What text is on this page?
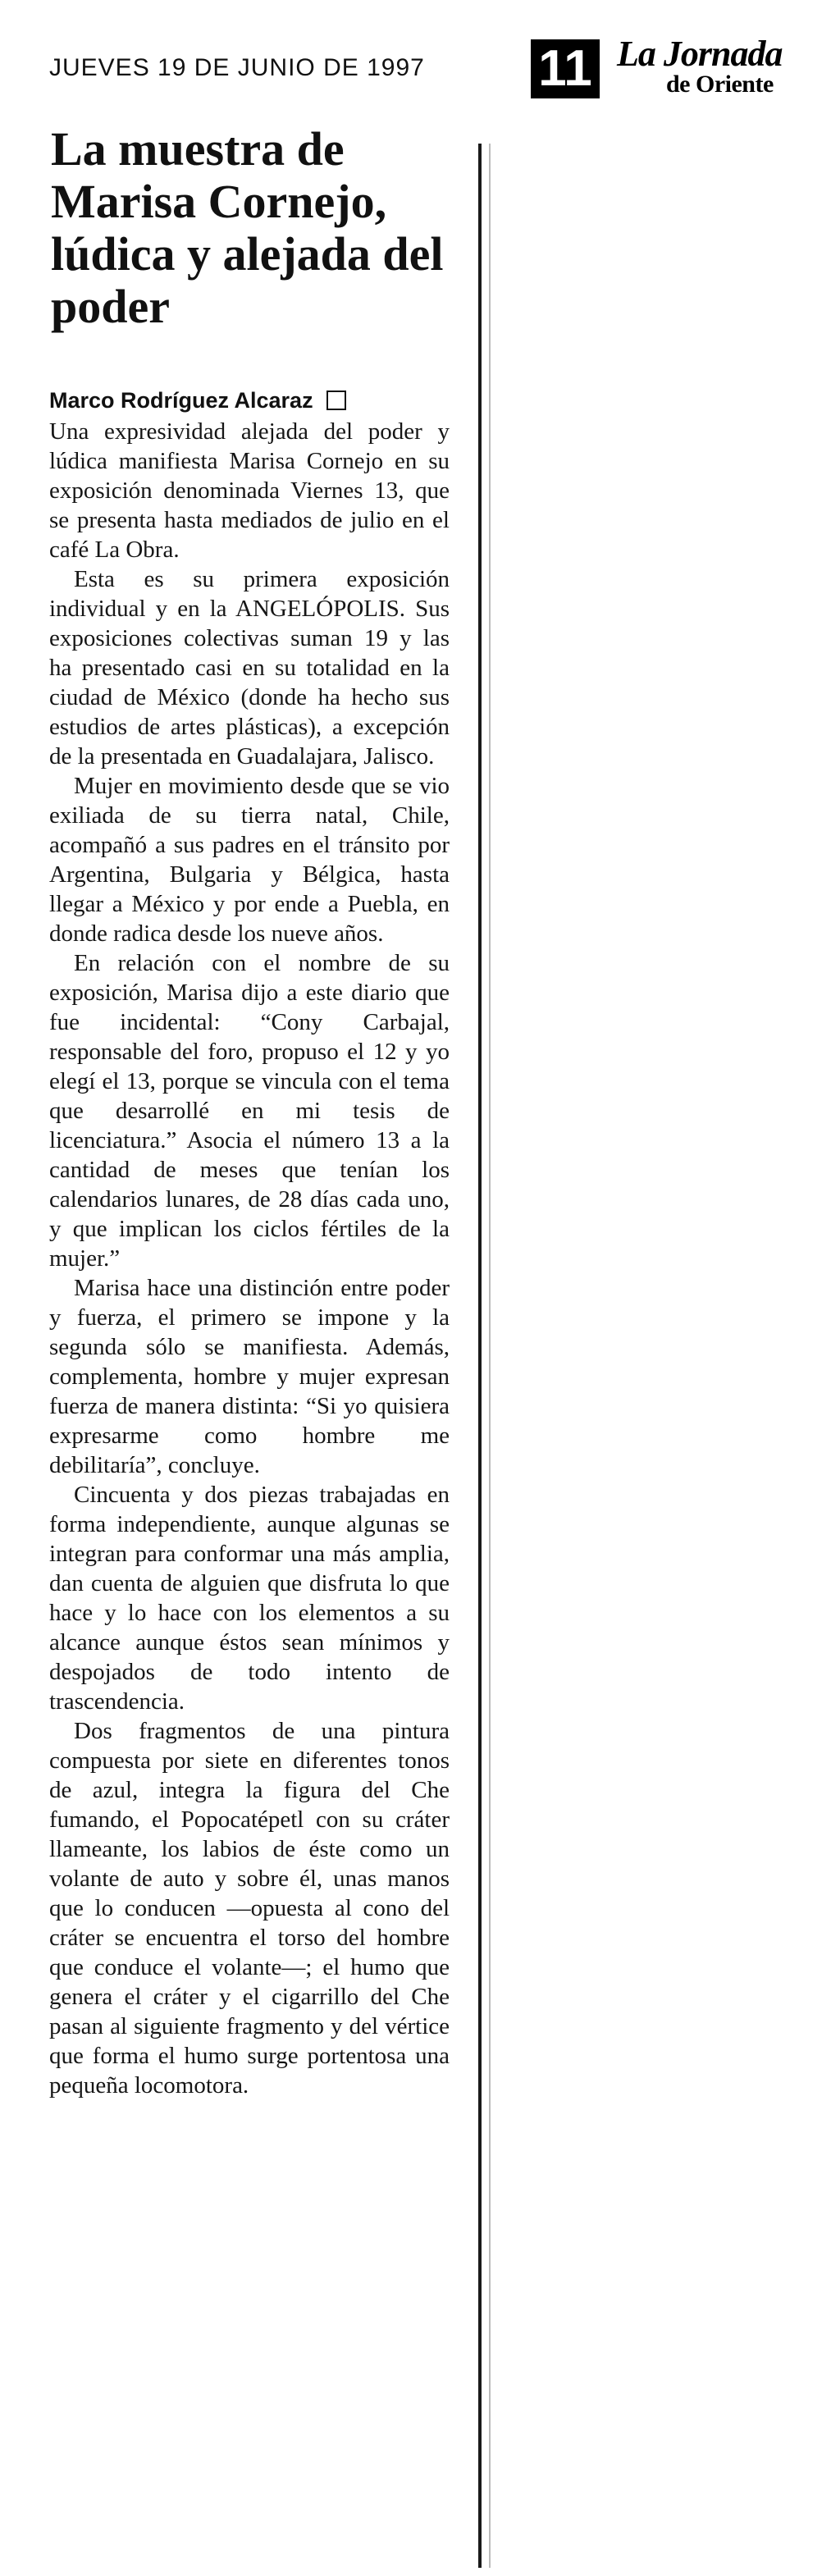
JUEVES 19 DE JUNIO DE 1997	11 La Jornada
de Oriente
La muestra de Marisa Cornejo, lúdica y alejada del poder
Marco Rodríguez Alcaraz

Una expresividad alejada del poder y lúdica manifiesta Marisa Cornejo en su exposición denominada Viernes 13, que se presenta hasta mediados de julio en el café La Obra.

Esta es su primera exposición individual y en la ANGELÓPOLIS. Sus exposiciones colectivas suman 19 y las ha presentado casi en su totalidad en la ciudad de México (donde ha hecho sus estudios de artes plásticas), a excepción de la presentada en Guadalajara, Jalisco.

Mujer en movimiento desde que se vio exiliada de su tierra natal, Chile, acompañó a sus padres en el tránsito por Argentina, Bulgaria y Bélgica, hasta llegar a México y por ende a Puebla, en donde radica desde los nueve años.

En relación con el nombre de su exposición, Marisa dijo a este diario que fue incidental: “Cony Carbajal, responsable del foro, propuso el 12 y yo elegí el 13, porque se vincula con el tema que desarrollé en mi tesis de licenciatura.” Asocia el número 13 a la cantidad de meses que tenían los calendarios lunares, de 28 días cada uno, y que implican los ciclos fértiles de la mujer.”

Marisa hace una distinción entre poder y fuerza, el primero se impone y la segunda sólo se manifiesta. Además, complementa, hombre y mujer expresan fuerza de manera distinta: “Si yo quisiera expresarme como hombre me debilitaría”, concluye.

Cincuenta y dos piezas trabajadas en forma independiente, aunque algunas se integran para conformar una más amplia, dan cuenta de alguien que disfruta lo que hace y lo hace con los elementos a su alcance aunque éstos sean mínimos y despojados de todo intento de trascendencia.

Dos fragmentos de una pintura compuesta por siete en diferentes tonos de azul, integra la figura del Che fumando, el Popocatépetl con su cráter llameante, los labios de éste como un volante de auto y sobre él, unas manos que lo conducen —opuesta al cono del cráter se encuentra el torso del hombre que conduce el volante—; el humo que genera el cráter y el cigarrillo del Che pasan al siguiente fragmento y del vértice que forma el humo surge portentosa una pequeña locomotora.
